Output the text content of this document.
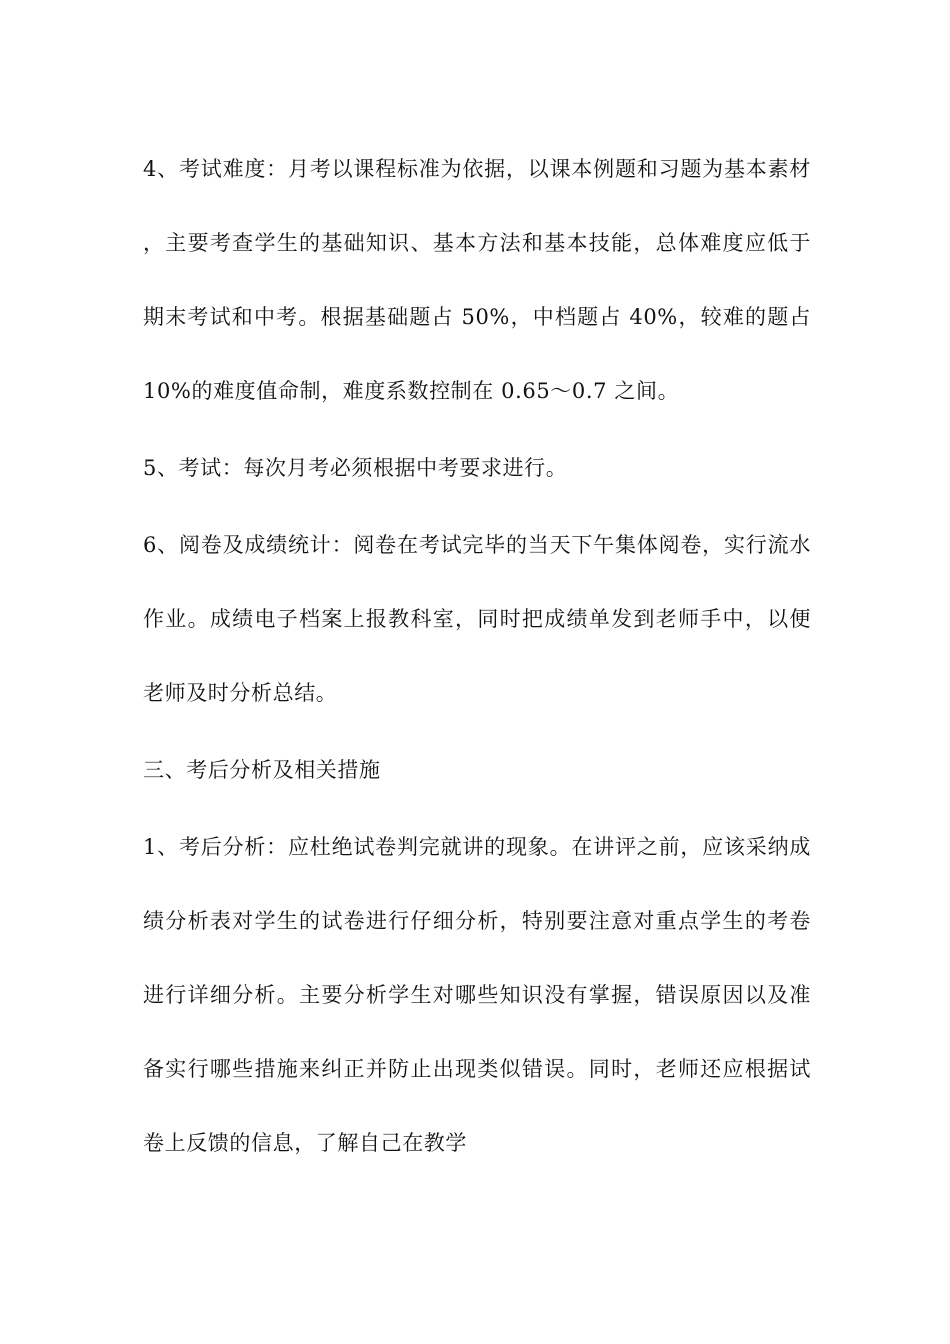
4、考试难度：月考以课程标准为依据，以课本例题和习题为基本素材，主要考查学生的基础知识、基本方法和基本技能，总体难度应低于期末考试和中考。根据基础题占 50%，中档题占 40%，较难的题占 10%的难度值命制，难度系数控制在 0.65～0.7 之间。

5、考试：每次月考必须根据中考要求进行。

6、阅卷及成绩统计：阅卷在考试完毕的当天下午集体阅卷，实行流水作业。成绩电子档案上报教科室，同时把成绩单发到老师手中，以便老师及时分析总结。

三、考后分析及相关措施

1、考后分析：应杜绝试卷判完就讲的现象。在讲评之前，应该采纳成绩分析表对学生的试卷进行仔细分析，特别要注意对重点学生的考卷进行详细分析。主要分析学生对哪些知识没有掌握，错误原因以及准备实行哪些措施来纠正并防止出现类似错误。同时，老师还应根据试卷上反馈的信息，了解自己在教学
